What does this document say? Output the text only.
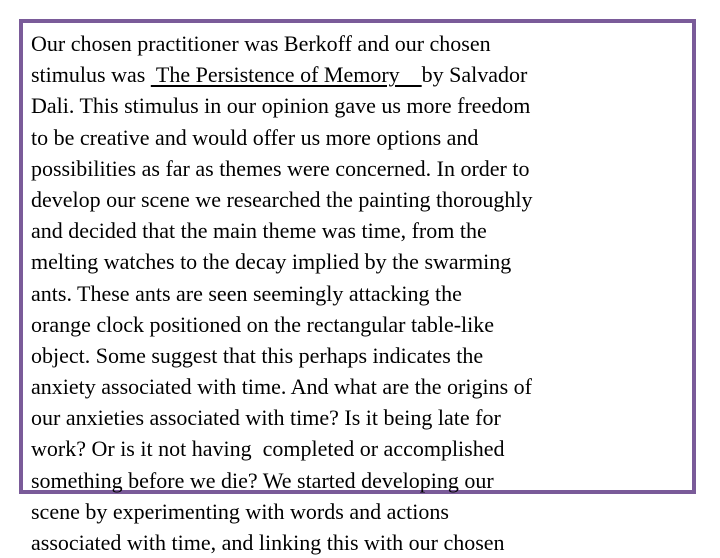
Our chosen practitioner was Berkoff and our chosen
stimulus was  The Persistence of Memory    by Salvador
Dali. This stimulus in our opinion gave us more freedom
to be creative and would offer us more options and
possibilities as far as themes were concerned. In order to
develop our scene we researched the painting thoroughly
and decided that the main theme was time, from the
melting watches to the decay implied by the swarming
ants. These ants are seen seemingly attacking the
orange clock positioned on the rectangular table-like
object. Some suggest that this perhaps indicates the
anxiety associated with time. And what are the origins of
our anxieties associated with time? Is it being late for
work? Or is it not having  completed or accomplished
something before we die? We started developing our
scene by experimenting with words and actions
associated with time, and linking this with our chosen
